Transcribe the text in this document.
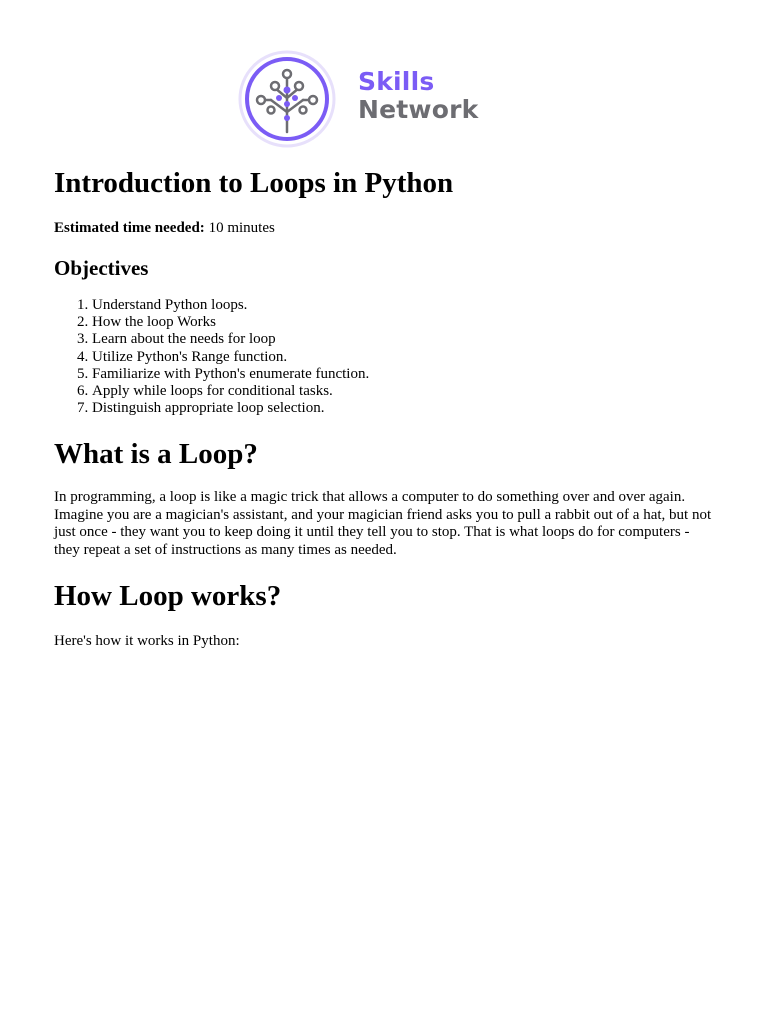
Skills
Network
Introduction to Loops in Python
Estimated time needed: 10 minutes
Objectives
1. Understand Python loops.
2. How the loop Works
3. Learn about the needs for loop
4. Utilize Python's Range function.
5. Familiarize with Python's enumerate function.
6. Apply while loops for conditional tasks.
7. Distinguish appropriate loop selection.
What is a Loop?

In programming, a loop is like a magic trick that allows a computer to do something over and over again. Imagine you are a magician's assistant, and your magician friend asks you to pull a rabbit out of a hat, but not just once - they want you to keep doing it until they tell you to stop. That is what loops do for computers - they repeat a set of instructions as many times as needed.

How Loop works?

Here's how it works in Python:
